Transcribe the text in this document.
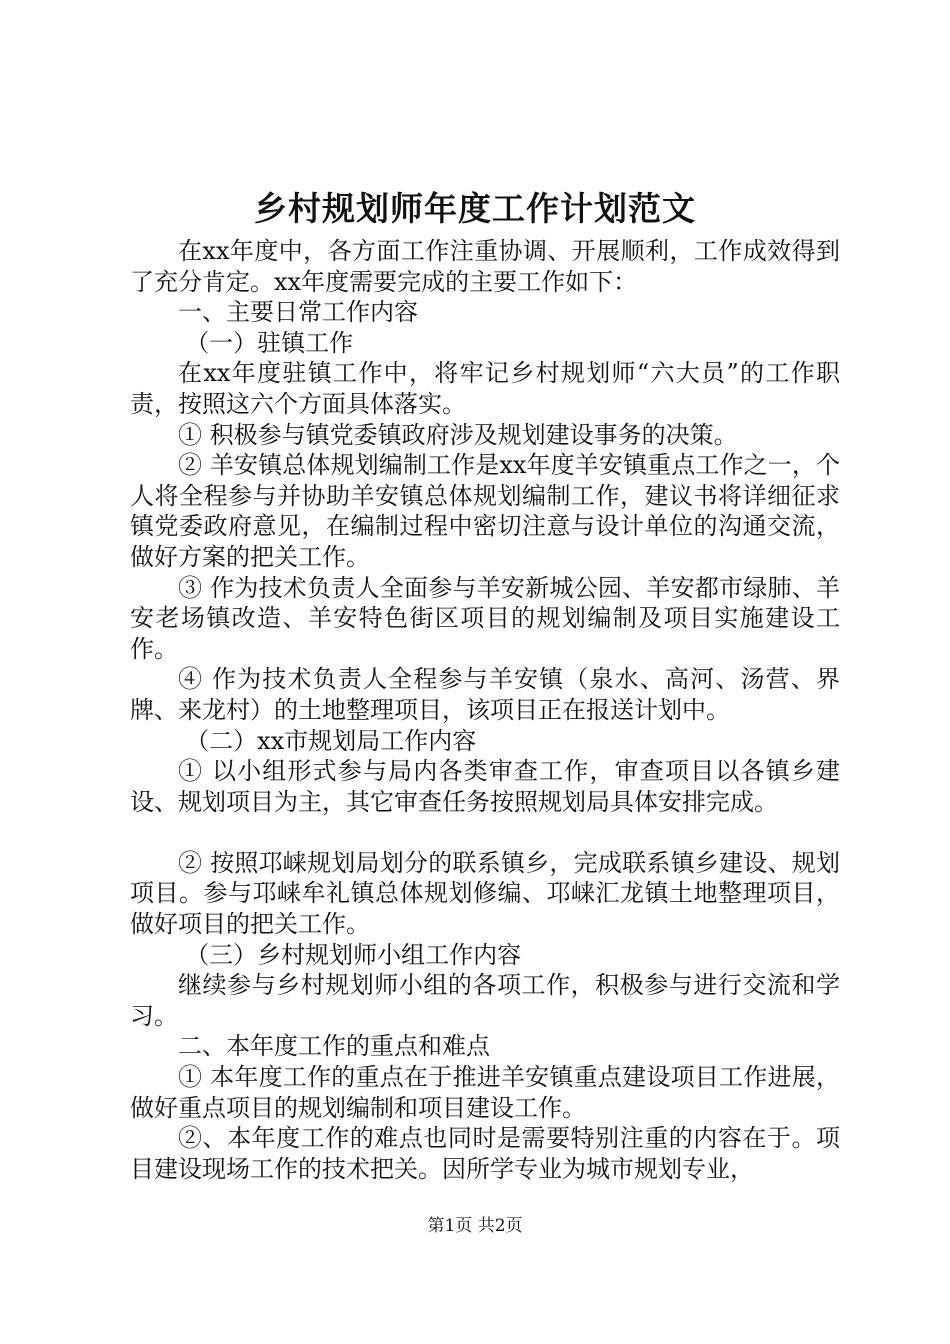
乡村规划师年度工作计划范文

在xx年度中，各方面工作注重协调、开展顺利，工作成效得到了充分肯定。xx年度需要完成的主要工作如下：

一、主要日常工作内容

（一）驻镇工作

在xx年度驻镇工作中，将牢记乡村规划师“六大员”的工作职责，按照这六个方面具体落实。

① 积极参与镇党委镇政府涉及规划建设事务的决策。

② 羊安镇总体规划编制工作是xx年度羊安镇重点工作之一，个人将全程参与并协助羊安镇总体规划编制工作，建议书将详细征求镇党委政府意见，在编制过程中密切注意与设计单位的沟通交流，做好方案的把关工作。

③ 作为技术负责人全面参与羊安新城公园、羊安都市绿肺、羊安老场镇改造、羊安特色街区项目的规划编制及项目实施建设工作。

④ 作为技术负责人全程参与羊安镇（泉水、高河、汤营、界牌、来龙村）的土地整理项目，该项目正在报送计划中。

（二）xx市规划局工作内容

① 以小组形式参与局内各类审查工作，审查项目以各镇乡建设、规划项目为主，其它审查任务按照规划局具体安排完成。

② 按照邛崃规划局划分的联系镇乡，完成联系镇乡建设、规划项目。参与邛崃牟礼镇总体规划修编、邛崃汇龙镇土地整理项目，做好项目的把关工作。

（三）乡村规划师小组工作内容

继续参与乡村规划师小组的各项工作，积极参与进行交流和学习。

二、本年度工作的重点和难点

① 本年度工作的重点在于推进羊安镇重点建设项目工作进展，做好重点项目的规划编制和项目建设工作。

②、本年度工作的难点也同时是需要特别注重的内容在于。项目建设现场工作的技术把关。因所学专业为城市规划专业，

第1页 共2页
